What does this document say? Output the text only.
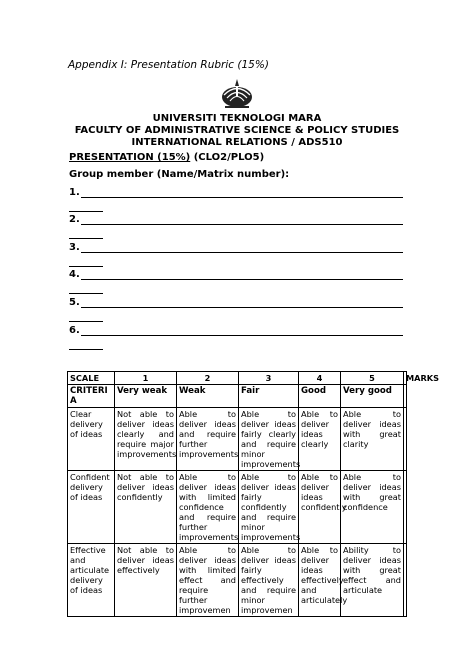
Appendix I: Presentation Rubric (15%)
UNIVERSITI TEKNOLOGI MARA
FACULTY OF ADMINISTRATIVE SCIENCE & POLICY STUDIES
INTERNATIONAL RELATIONS / ADS510
PRESENTATION (15%) (CLO2/PLO5)
Group member (Name/Matrix number):
1.
2.
3.
4.
5.
6.
SCALE	1	2	3	4	5	MARKS
CRITERI A	Very weak	Weak	Fair	Good	Very good	
Clear delivery of ideas	Not able to deliver ideas clearly and require major improvements	Able to deliver ideas and require further improvements	Able to deliver ideas fairly clearly and require minor improvements	Able to deliver ideas clearly	Able to deliver ideas with great clarity	
Confident delivery of ideas	Not able to deliver ideas confidently	Able to deliver ideas with limited confidence and require further improvements	Able to deliver ideas fairly confidently and require minor improvements	Able to deliver ideas confidently	Able to deliver ideas with great confidence	
Effective and articulate delivery of ideas	Not able to deliver ideas effectively	Able to deliver ideas with limited effect and require further improvemen	Able to deliver ideas fairly effectively and require minor improvemen	Able to deliver ideas effectively and articulately	Ability to deliver ideas with great effect and articulate	
